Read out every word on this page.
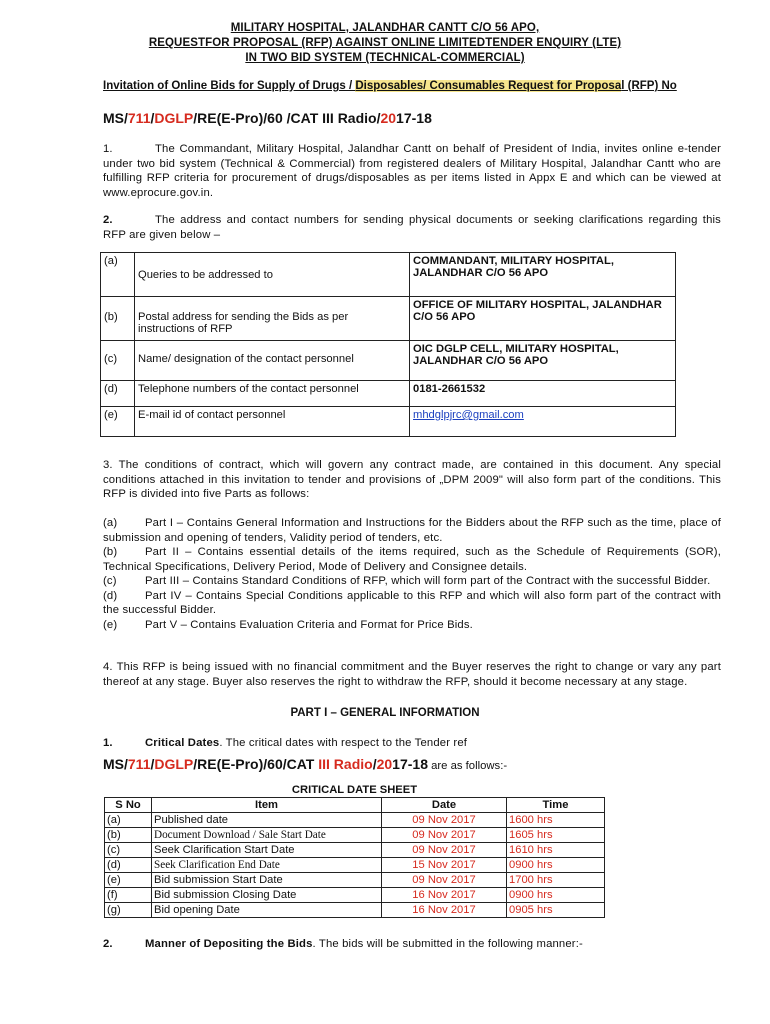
MILITARY HOSPITAL, JALANDHAR CANTT C/O 56 APO,
REQUESTFOR PROPOSAL (RFP) AGAINST ONLINE LIMITEDTENDER ENQUIRY (LTE)
IN TWO BID SYSTEM (TECHNICAL-COMMERCIAL)
Invitation of Online Bids for Supply of Drugs / Disposables/ Consumables Request for Proposal (RFP) No
MS/711/DGLP/RE(E-Pro)/60 /CAT III Radio/2017-18

1.	The Commandant, Military Hospital, Jalandhar Cantt on behalf of President of India, invites online e-tender under two bid system (Technical & Commercial) from registered dealers of Military Hospital, Jalandhar Cantt who are fulfilling RFP criteria for procurement of drugs/disposables as per items listed in Appx E and which can be viewed at www.eprocure.gov.in.

2.	The address and contact numbers for sending physical documents or seeking clarifications regarding this RFP are given below –

(a)	Queries to be addressed to	COMMANDANT, MILITARY HOSPITAL, JALANDHAR C/O 56 APO
(b)	Postal address for sending the Bids as per instructions of RFP	OFFICE OF MILITARY HOSPITAL, JALANDHAR C/O 56 APO
(c)	Name/ designation of the contact personnel	OIC DGLP CELL, MILITARY HOSPITAL, JALANDHAR C/O 56 APO
(d)	Telephone numbers of the contact personnel	0181-2661532
(e)	E-mail id of contact personnel	mhdglpjrc@gmail.com

3. The conditions of contract, which will govern any contract made, are contained in this document. Any special conditions attached in this invitation to tender and provisions of „DPM 2009" will also form part of the conditions. This RFP is divided into five Parts as follows:

(a) Part I – Contains General Information and Instructions for the Bidders about the RFP such as the time, place of submission and opening of tenders, Validity period of tenders, etc.

(b) Part II – Contains essential details of the items required, such as the Schedule of Requirements (SOR), Technical Specifications, Delivery Period, Mode of Delivery and Consignee details.

(c)	Part III – Contains Standard Conditions of RFP, which will form part of the Contract with the successful Bidder.

(d) Part IV – Contains Special Conditions applicable to this RFP and which will also form part of the contract with the successful Bidder.

(e) Part V – Contains Evaluation Criteria and Format for Price Bids.

4. This RFP is being issued with no financial commitment and the Buyer reserves the right to change or vary any part thereof at any stage. Buyer also reserves the right to withdraw the RFP, should it become necessary at any stage.

PART I – GENERAL INFORMATION

1.	Critical Dates. The critical dates with respect to the Tender ref

MS/711/DGLP/RE(E-Pro)/60/CAT III Radio/2017-18 are as follows:-
CRITICAL DATE SHEET			
S No	Item	Date	Time
(a)	Published date	09 Nov 2017	1600 hrs
(b)	Document Download / Sale Start Date	09 Nov 2017	1605 hrs
(c)	Seek Clarification Start Date	09 Nov 2017	1610 hrs
(d)	Seek Clarification End Date	15 Nov 2017	0900 hrs
(e)	Bid submission Start Date	09 Nov 2017	1700 hrs
(f)	Bid submission Closing Date	16 Nov 2017	0900 hrs
(g)	Bid opening Date	16 Nov 2017	0905 hrs

2.	Manner of Depositing the Bids. The bids will be submitted in the following manner:-
